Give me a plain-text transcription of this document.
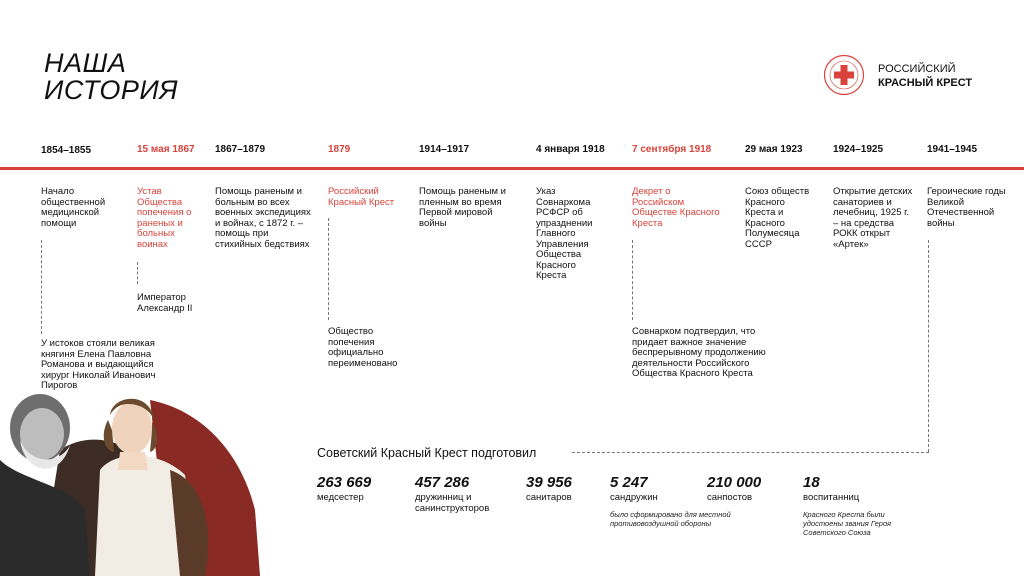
НАША
ИСТОРИЯ
РОССИЙСКИЙ
КРАСНЫЙ КРЕСТ
1854–1855	15 мая 1867 1867–1879	1879	1914–1917	4 января 1918	7 сентября 1918	29 мая 1923	1924–1925	1941–1945
Начало общественной медицинской помощи
Устав Общества попечения о раненых и больных воинах
Помощь раненым и больным во всех военных экспедициях и войнах, с 1872 г. – помощь при стихийных бедствиях
Российский Красный Крест
Помощь раненым и пленным во время Первой мировой войны
Указ Совнаркома РСФСР об упразднении Главного Управления Общества Красного Креста
Декрет о Российском Обществе Красного Креста
Союз обществ Красного Креста и Красного Полумесяца СССР
Открытие детских санаториев и лечебниц, 1925 г. – на средства РОКК открыт «Артек»
Героические годы Великой Отечественной войны
У истоков стояли великая княгиня Елена Павловна Романова и выдающийся хирург Николай Иванович Пирогов
Император Александр II
Общество попечения официально переименовано
Совнарком подтвердил, что придает важное значение беспрерывному продолжению деятельности Российского Общества Красного Креста
Советский Красный Крест подготовил
263 669
медсестер
457 286
дружинниц и санинструкторов
39 956
санитаров
5 247
сандружин
было сформировано для местной противовоздушной обороны
210 000
санпостов
18
воспитанниц
Красного Креста были удостоены звания Героя Советского Союза
